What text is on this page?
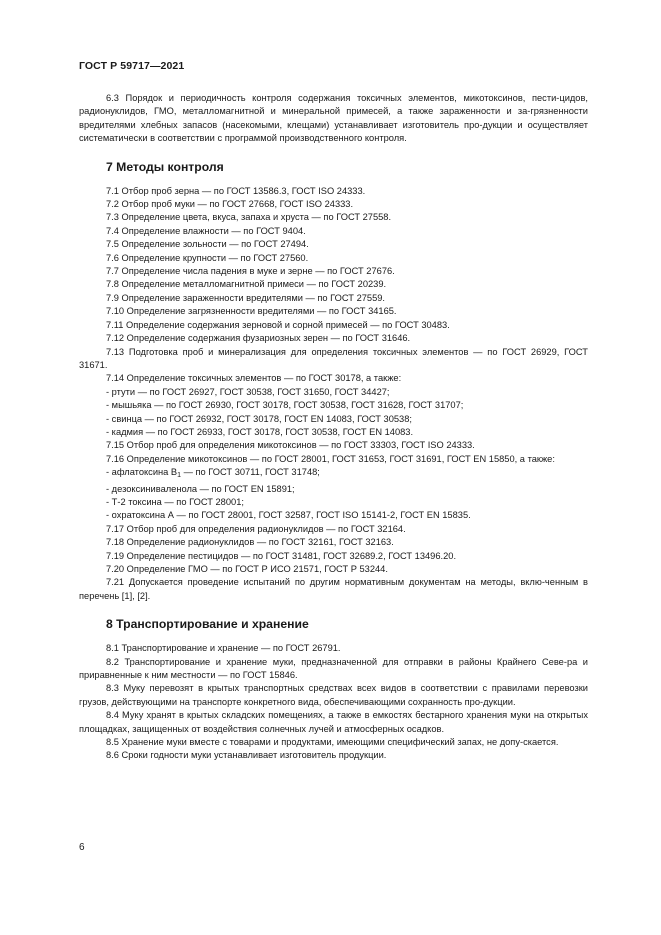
ГОСТ Р 59717—2021

6.3 Порядок и периодичность контроля содержания токсичных элементов, микотоксинов, пести-цидов, радионуклидов, ГМО, металломагнитной и минеральной примесей, а также зараженности и за-грязненности вредителями хлебных запасов (насекомыми, клещами) устанавливает изготовитель про-дукции и осуществляет систематически в соответствии с программой производственного контроля.

7 Методы контроля

7.1 Отбор проб зерна — по ГОСТ 13586.3, ГОСТ ISO 24333.

7.2 Отбор проб муки — по ГОСТ 27668, ГОСТ ISO 24333.

7.3 Определение цвета, вкуса, запаха и хруста — по ГОСТ 27558.

7.4 Определение влажности — по ГОСТ 9404.

7.5 Определение зольности — по ГОСТ 27494.

7.6 Определение крупности — по ГОСТ 27560.

7.7 Определение числа падения в муке и зерне — по ГОСТ 27676.

7.8 Определение металломагнитной примеси — по ГОСТ 20239.

7.9 Определение зараженности вредителями — по ГОСТ 27559.

7.10 Определение загрязненности вредителями — по ГОСТ 34165.

7.11 Определение содержания зерновой и сорной примесей — по ГОСТ 30483.

7.12 Определение содержания фузариозных зерен — по ГОСТ 31646.

7.13 Подготовка проб и минерализация для определения токсичных элементов — по ГОСТ 26929, ГОСТ 31671.

7.14 Определение токсичных элементов — по ГОСТ 30178, а также:

- ртути — по ГОСТ 26927, ГОСТ 30538, ГОСТ 31650, ГОСТ 34427;

- мышьяка — по ГОСТ 26930, ГОСТ 30178, ГОСТ 30538, ГОСТ 31628, ГОСТ 31707;

- свинца — по ГОСТ 26932, ГОСТ 30178, ГОСТ EN 14083, ГОСТ 30538;

- кадмия — по ГОСТ 26933, ГОСТ 30178, ГОСТ 30538, ГОСТ EN 14083.

7.15 Отбор проб для определения микотоксинов — по ГОСТ 33303, ГОСТ ISO 24333.

7.16 Определение микотоксинов — по ГОСТ 28001, ГОСТ 31653, ГОСТ 31691, ГОСТ EN 15850, а также:

- афлатоксина $В_1$ — по ГОСТ 30711, ГОСТ 31748;

- дезоксиниваленола — по ГОСТ EN 15891;

- Т-2 токсина — по ГОСТ 28001;

- охратоксина А — по ГОСТ 28001, ГОСТ 32587, ГОСТ ISO 15141-2, ГОСТ EN 15835.

7.17 Отбор проб для определения радионуклидов — по ГОСТ 32164.

7.18 Определение радионуклидов — по ГОСТ 32161, ГОСТ 32163.

7.19 Определение пестицидов — по ГОСТ 31481, ГОСТ 32689.2, ГОСТ 13496.20.

7.20 Определение ГМО — по ГОСТ Р ИСО 21571, ГОСТ Р 53244.

7.21 Допускается проведение испытаний по другим нормативным документам на методы, вклю-ченным в перечень [1], [2].

8 Транспортирование и хранение

8.1 Транспортирование и хранение — по ГОСТ 26791.

8.2 Транспортирование и хранение муки, предназначенной для отправки в районы Крайнего Севе-ра и приравненные к ним местности — по ГОСТ 15846.

8.3 Муку перевозят в крытых транспортных средствах всех видов в соответствии с правилами перевозки грузов, действующими на транспорте конкретного вида, обеспечивающими сохранность про-дукции.

8.4 Муку хранят в крытых складских помещениях, а также в емкостях бестарного хранения муки на открытых площадках, защищенных от воздействия солнечных лучей и атмосферных осадков.

8.5 Хранение муки вместе с товарами и продуктами, имеющими специфический запах, не допу-скается.

8.6 Сроки годности муки устанавливает изготовитель продукции.

6
